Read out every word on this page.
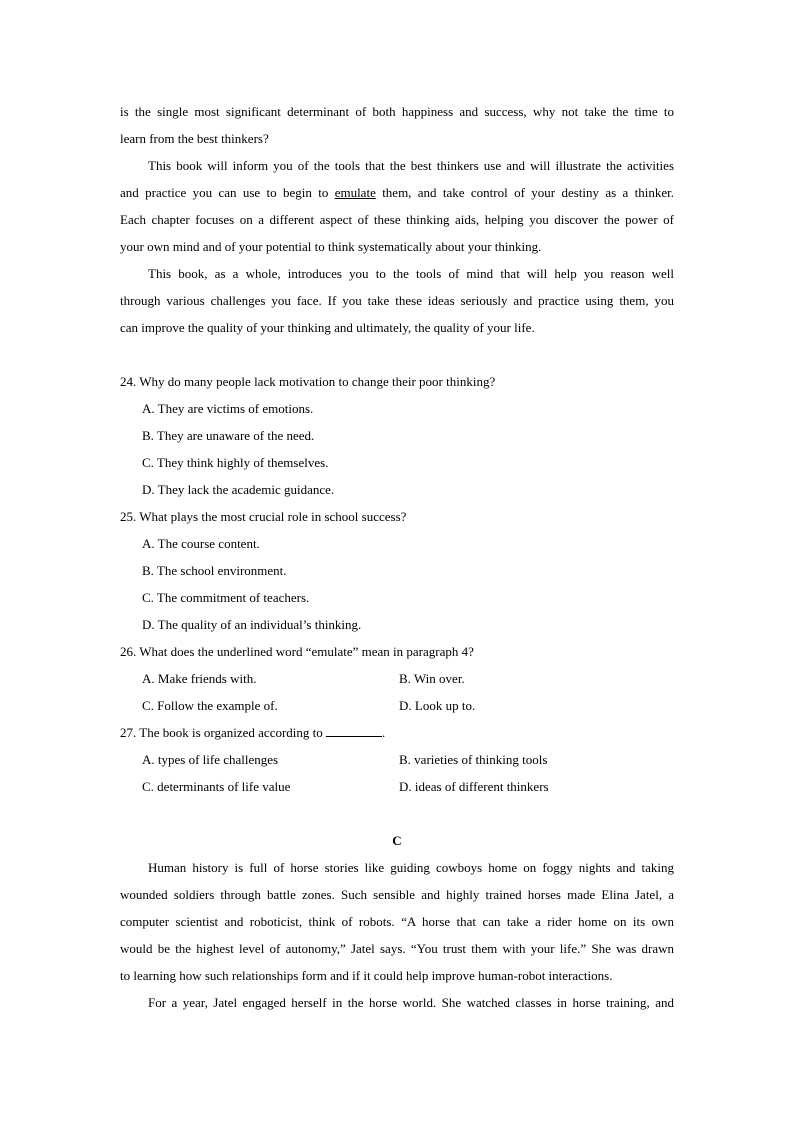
is the single most significant determinant of both happiness and success, why not take the time to
learn from the best thinkers?
This book will inform you of the tools that the best thinkers use and will illustrate the activities
and practice you can use to begin to emulate them, and take control of your destiny as a thinker.
Each chapter focuses on a different aspect of these thinking aids, helping you discover the power of
your own mind and of your potential to think systematically about your thinking.
This book, as a whole, introduces you to the tools of mind that will help you reason well
through various challenges you face. If you take these ideas seriously and practice using them, you
can improve the quality of your thinking and ultimately, the quality of your life.
24. Why do many people lack motivation to change their poor thinking?
A. They are victims of emotions.
B. They are unaware of the need.
C. They think highly of themselves.
D. They lack the academic guidance.
25. What plays the most crucial role in school success?
A. The course content.
B. The school environment.
C. The commitment of teachers.
D. The quality of an individual’s thinking.
26. What does the underlined word “emulate” mean in paragraph 4?
A. Make friends with.	B. Win over.
C. Follow the example of.	D. Look up to.
27. The book is organized according to	.
A. types of life challenges	B. varieties of thinking tools
C. determinants of life value	D. ideas of different thinkers
C
Human history is full of horse stories like guiding cowboys home on foggy nights and taking
wounded soldiers through battle zones. Such sensible and highly trained horses made Elina Jatel, a
computer scientist and roboticist, think of robots. “A horse that can take a rider home on its own
would be the highest level of autonomy,” Jatel says. “You trust them with your life.” She was drawn
to learning how such relationships form and if it could help improve human-robot interactions.
For a year, Jatel engaged herself in the horse world. She watched classes in horse training, and
